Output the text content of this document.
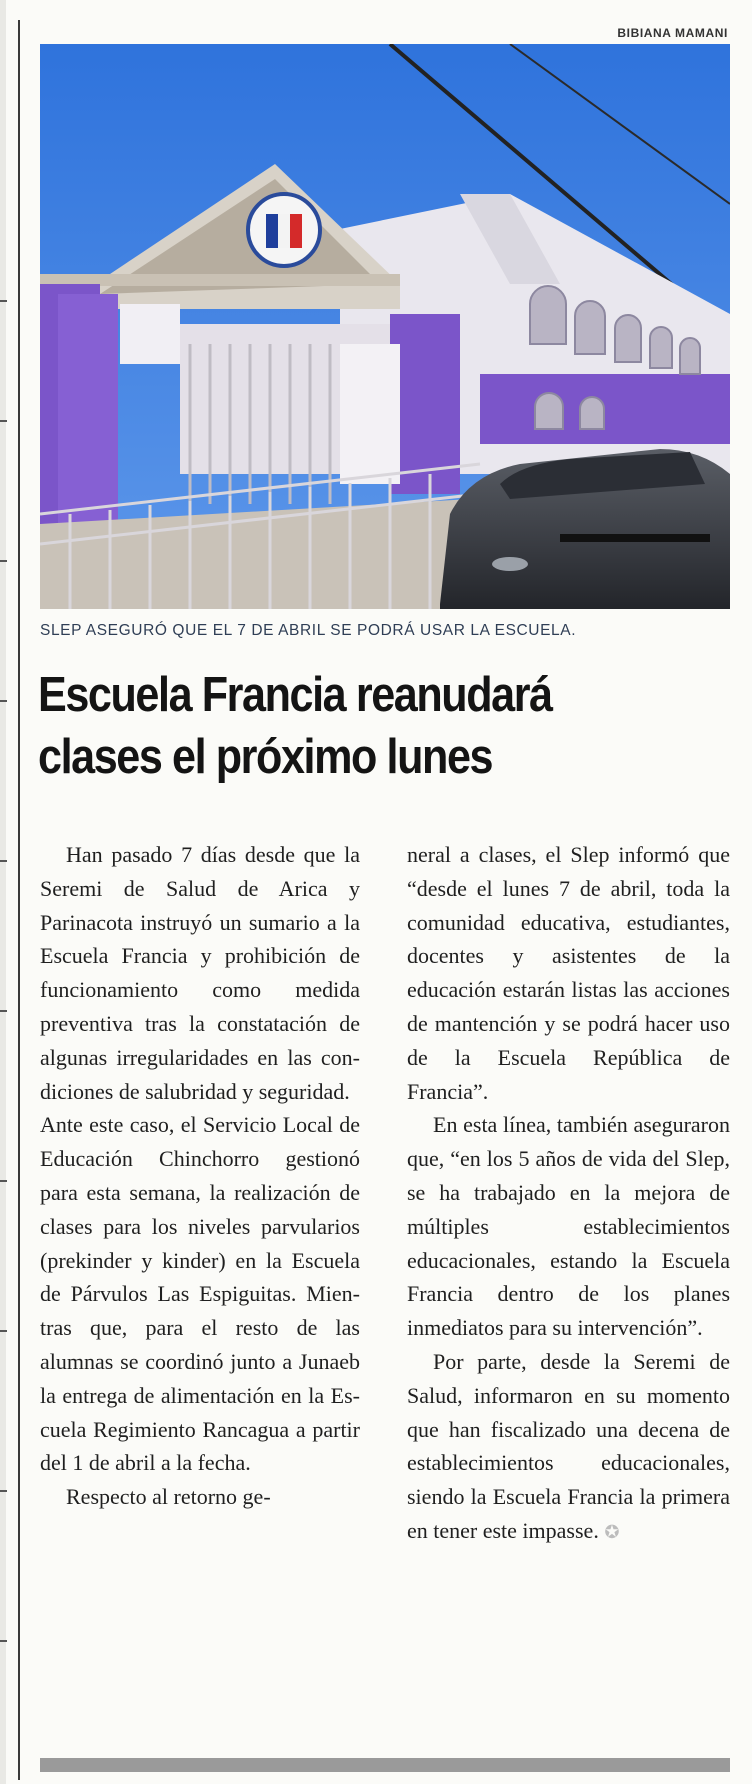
BIBIANA MAMANI
SLEP ASEGURÓ QUE EL 7 DE ABRIL SE PODRÁ USAR LA ESCUELA.
Escuela Francia reanudará
clases el próximo lunes

Han pasado 7 días desde que la Seremi de Salud de Arica y Parinacota instruyó un sumario a la Escuela Francia y prohibición de funcionamiento como medida preventiva tras la constatación de algunas irregularidades en las condiciones de salubridad y seguridad.

Ante este caso, el Servicio Local de Educación Chinchorro gestionó para esta semana, la realización de clases para los niveles parvularios (prekinder y kinder) en la Escuela de Párvulos Las Espiguitas. Mientras que, para el resto de las alumnas se coordinó junto a Junaeb la entrega de alimentación en la Escuela Regimiento Rancagua a partir del 1 de abril a la fecha.

Respecto al retorno ge-

neral a clases, el Slep informó que “desde el lunes 7 de abril, toda la comunidad educativa, estudiantes, docentes y asistentes de la educación estarán listas las acciones de mantención y se podrá hacer uso de la Escuela República de Francia”.

En esta línea, también aseguraron que, “en los 5 años de vida del Slep, se ha trabajado en la mejora de múltiples establecimientos educacionales, estando la Escuela Francia dentro de los planes inmediatos para su intervención”.

Por parte, desde la Seremi de Salud, informaron en su momento que han fiscalizado una decena de establecimientos educacionales, siendo la Escuela Francia la primera en tener este impasse. ✪
